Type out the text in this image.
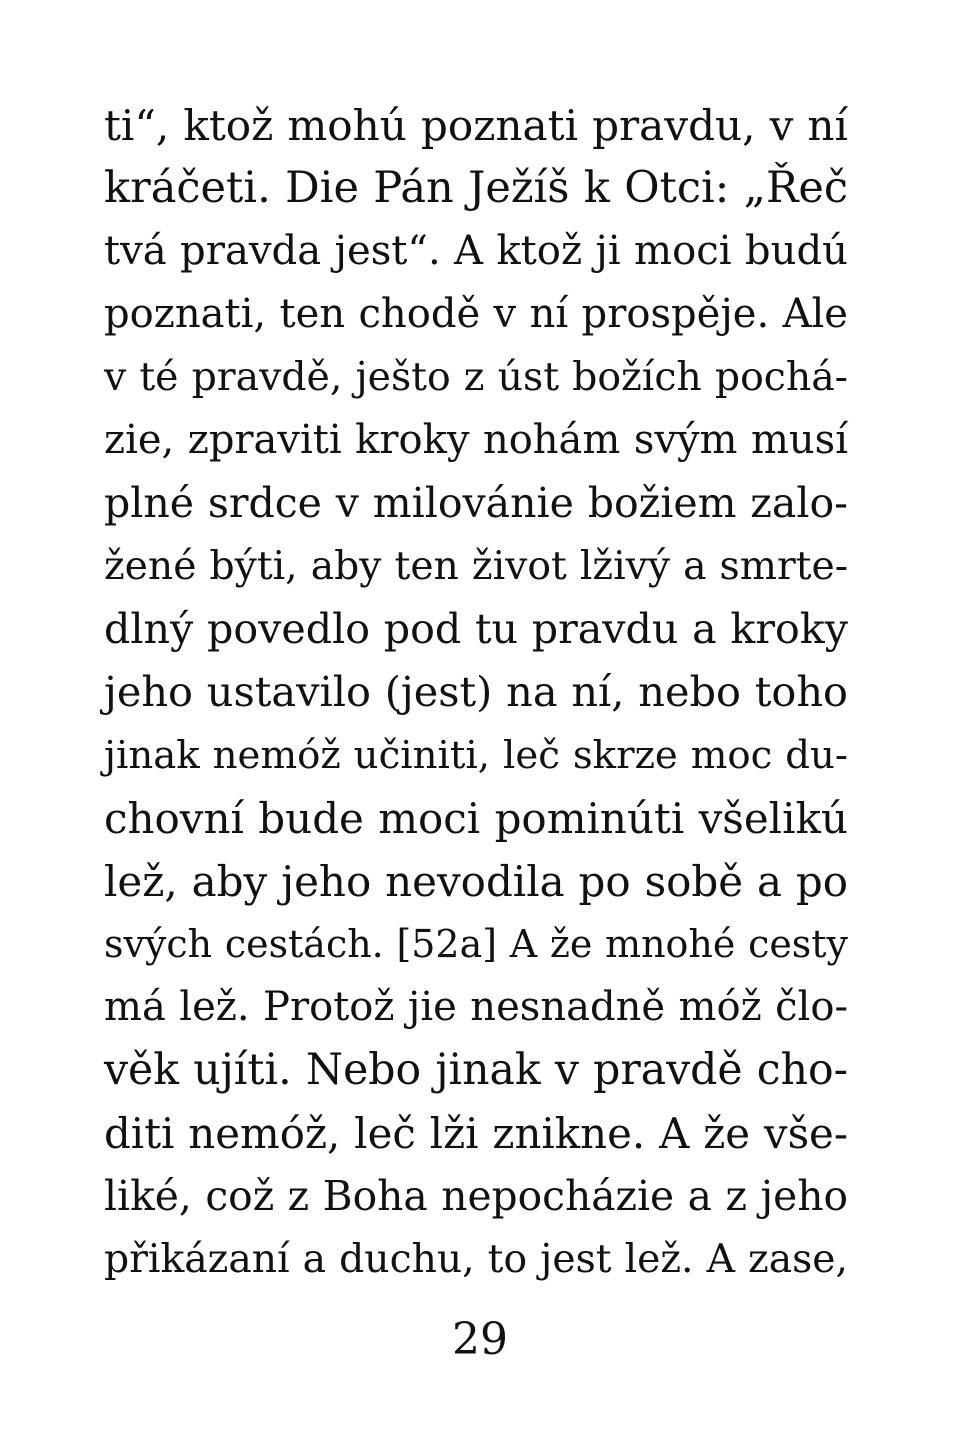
ti“, ktož mohú poznati pravdu, v ní
kráčeti. Die Pán Ježíš k Otci: „Řeč
tvá pravda jest“. A ktož ji moci budú
poznati, ten chodě v ní prospěje. Ale
v té pravdě, ješto z úst božích pochá-
zie, zpraviti kroky nohám svým musí
plné srdce v milovánie božiem zalo-
žené býti, aby ten život lživý a smrte-
dlný povedlo pod tu pravdu a kroky
jeho ustavilo (jest) na ní, nebo toho
jinak nemóž učiniti, leč skrze moc du-
chovní bude moci pominúti všelikú
lež, aby jeho nevodila po sobě a po
svých cestách. [52a] A že mnohé cesty
má lež. Protož jie nesnadně móž člo-
věk ujíti. Nebo jinak v pravdě cho-
diti nemóž, leč lži znikne. A že vše-
liké, což z Boha nepocházie a z jeho
přikázaní a duchu, to jest lež. A zase,
29
